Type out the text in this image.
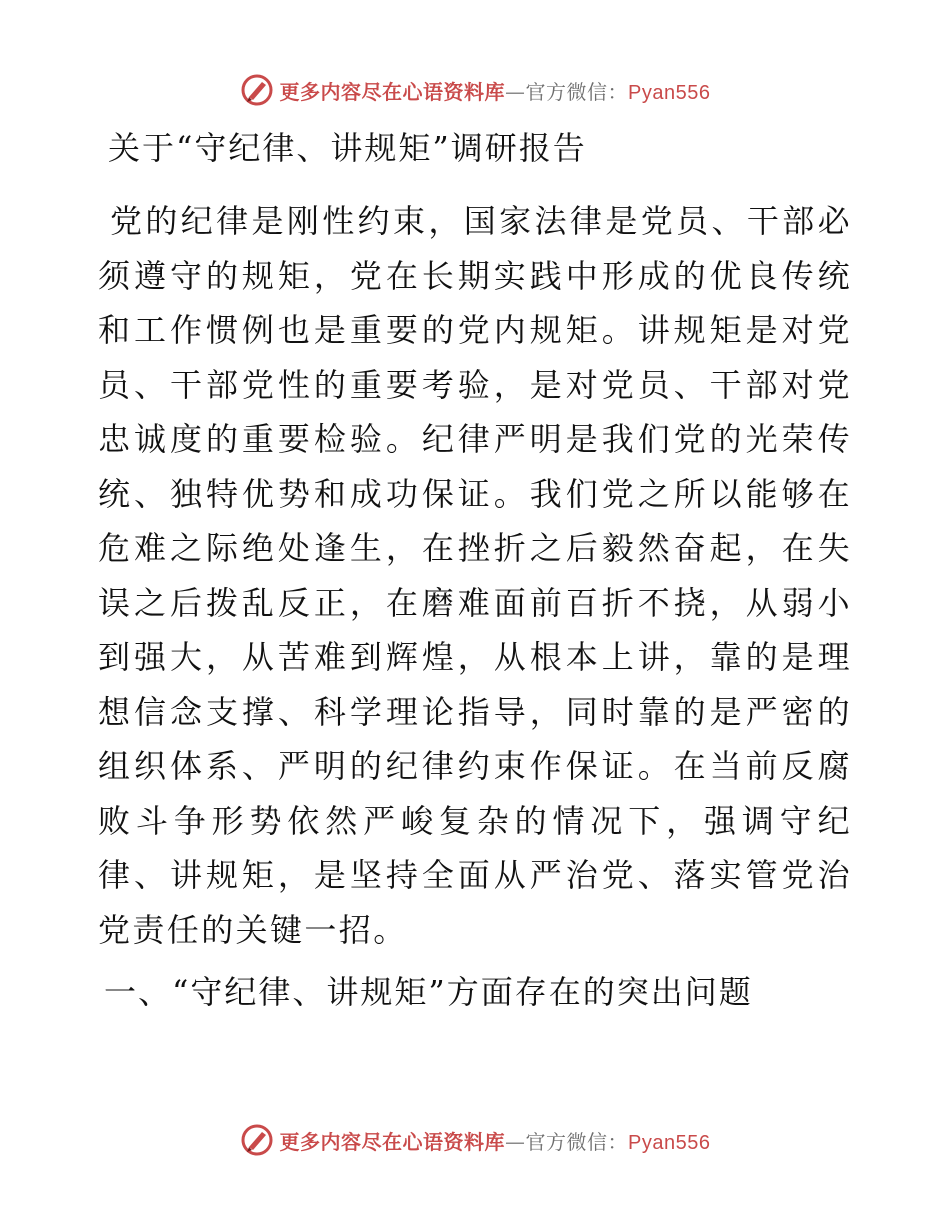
更多内容尽在心语资料库—官方微信：Pyan556
关于“守纪律、讲规矩”调研报告

党的纪律是刚性约束，国家法律是党员、干部必须遵守的规矩，党在长期实践中形成的优良传统和工作惯例也是重要的党内规矩。讲规矩是对党员、干部党性的重要考验，是对党员、干部对党忠诚度的重要检验。纪律严明是我们党的光荣传统、独特优势和成功保证。我们党之所以能够在危难之际绝处逢生，在挫折之后毅然奋起，在失误之后拨乱反正，在磨难面前百折不挠，从弱小到强大，从苦难到辉煌，从根本上讲，靠的是理想信念支撑、科学理论指导，同时靠的是严密的组织体系、严明的纪律约束作保证。在当前反腐败斗争形势依然严峻复杂的情况下，强调守纪律、讲规矩，是坚持全面从严治党、落实管党治党责任的关键一招。

一、“守纪律、讲规矩”方面存在的突出问题
更多内容尽在心语资料库—官方微信：Pyan556
